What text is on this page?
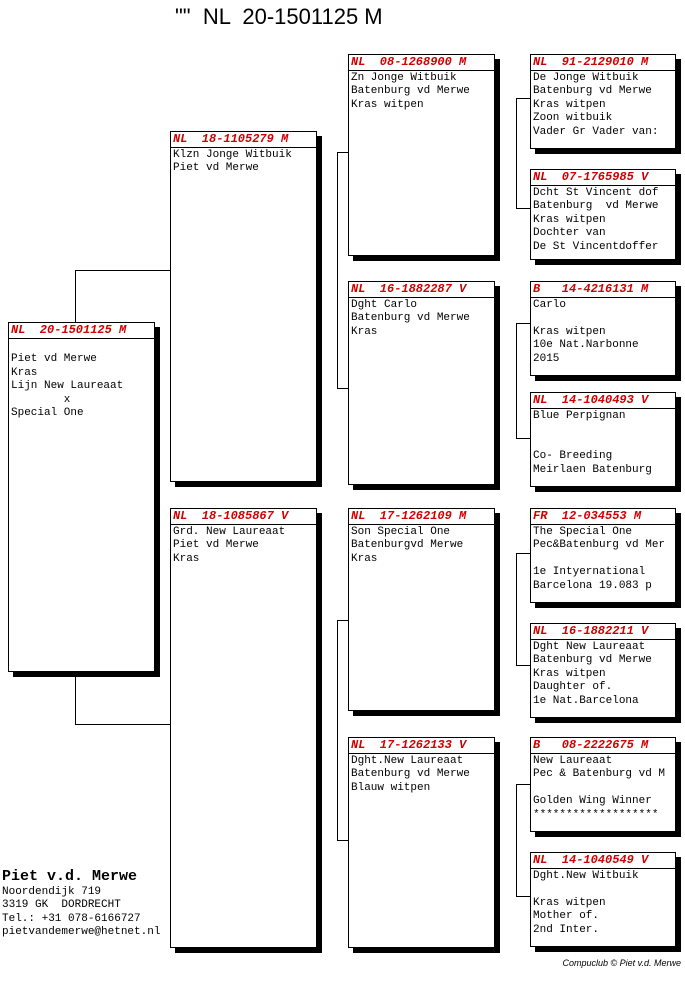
""  NL  20-1501125 M
NL  20-1501125 M

Piet vd Merwe
Kras
Lijn New Laureaat
x
Special One
NL  18-1105279 M
Klzn Jonge Witbuik
Piet vd Merwe
NL  18-1085867 V
Grd. New Laureaat
Piet vd Merwe
Kras
NL  08-1268900 M
Zn Jonge Witbuik
Batenburg vd Merwe
Kras witpen
NL  16-1882287 V
Dght Carlo
Batenburg vd Merwe
Kras
NL  17-1262109 M
Son Special One
Batenburgvd Merwe
Kras
NL  17-1262133 V
Dght.New Laureaat
Batenburg vd Merwe
Blauw witpen
NL  91-2129010 M
De Jonge Witbuik
Batenburg vd Merwe
Kras witpen
Zoon witbuik
Vader Gr Vader van:
NL  07-1765985 V
Dcht St Vincent dof
Batenburg  vd Merwe
Kras witpen
Dochter van
De St Vincentdoffer
B   14-4216131 M
Carlo

Kras witpen
10e Nat.Narbonne
2015
NL  14-1040493 V
Blue Perpignan

Co- Breeding
Meirlaen Batenburg
FR  12-034553 M
The Special One
Pec&Batenburg vd Mer

1e Intyernational
Barcelona 19.083 p
NL  16-1882211 V
Dght New Laureaat
Batenburg vd Merwe
Kras witpen
Daughter of.
1e Nat.Barcelona
B   08-2222675 M
New Laureaat
Pec & Batenburg vd M

Golden Wing Winner
*******************
NL  14-1040549 V
Dght.New Witbuik

Kras witpen
Mother of.
2nd Inter.
Piet v.d. Merwe
Noordendijk 719
3319 GK  DORDRECHT
Tel.: +31 078-6166727
pietvandemerwe@hetnet.nl
Compuclub © Piet v.d. Merwe
